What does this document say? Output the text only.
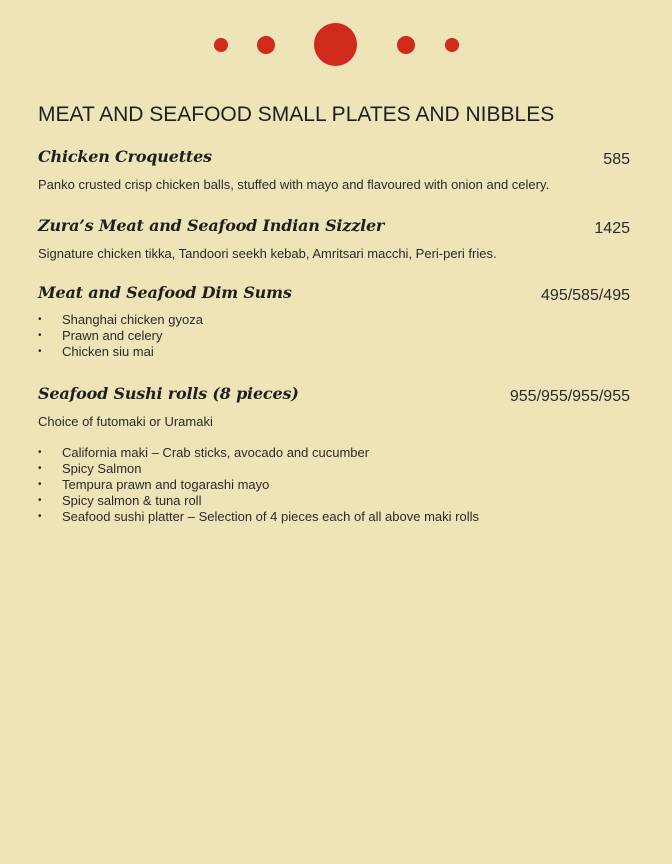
MEAT AND SEAFOOD SMALL PLATES AND NIBBLES
Chicken Croquettes	585
Panko crusted crisp chicken balls, stuffed with mayo and flavoured with onion and celery.
Zura’s Meat and Seafood Indian Sizzler	1425
Signature chicken tikka, Tandoori seekh kebab, Amritsari macchi, Peri-peri fries.
Meat and Seafood Dim Sums	495/585/495
• Shanghai chicken gyoza
• Prawn and celery
• Chicken siu mai
Seafood Sushi rolls (8 pieces)	955/955/955/955
Choice of futomaki or Uramaki
• California maki – Crab sticks, avocado and cucumber
• Spicy Salmon
• Tempura prawn and togarashi mayo
• Spicy salmon & tuna roll
• Seafood sushi platter – Selection of 4 pieces each of all above maki rolls
